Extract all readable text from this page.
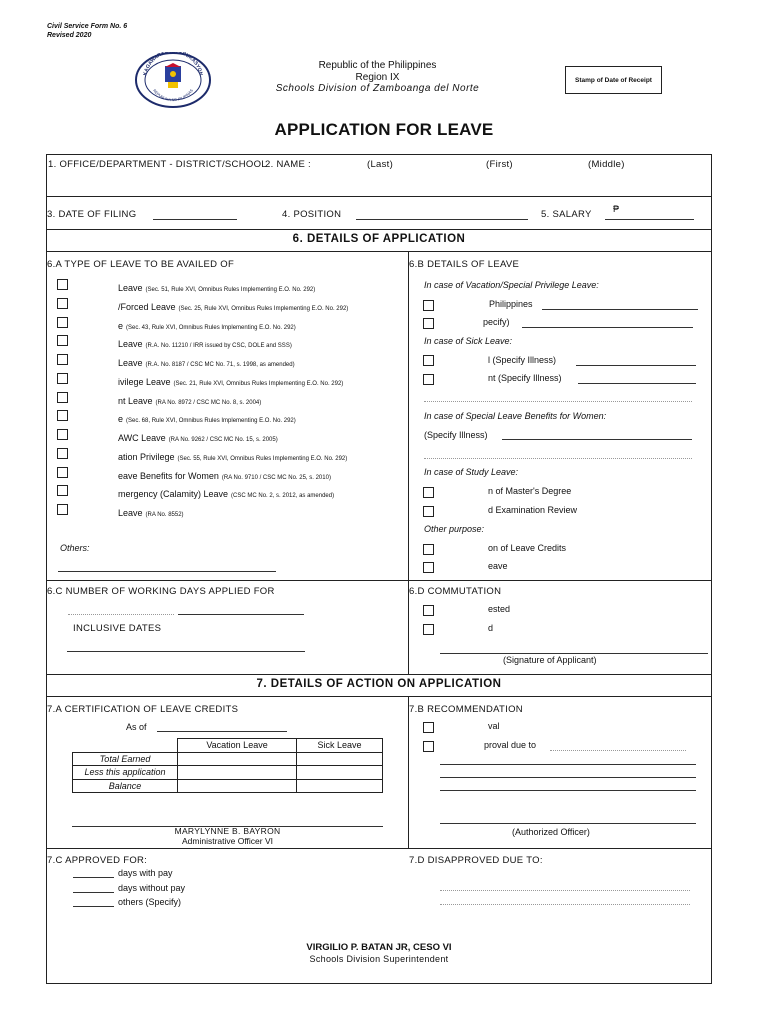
Civil Service Form No. 6
Revised 2020
KAGAWARAN NG EDUKASYON
REPUBLIKA NG PILIPINAS
Republic of the Philippines
Region IX
Schools Division of Zamboanga del Norte
Stamp of Date of Receipt
APPLICATION FOR LEAVE
1. OFFICE/DEPARTMENT - DISTRICT/SCHOOL
2. NAME :	(Last)	(First)	(Middle)
3. DATE OF FILING	4. POSITION	5. SALARY ₱
6. DETAILS OF APPLICATION
6.A TYPE OF LEAVE TO BE AVAILED OF
Leave (Sec. 51, Rule XVI, Omnibus Rules Implementing E.O. No. 292)
/Forced Leave (Sec. 25, Rule XVI, Omnibus Rules Implementing E.O. No. 292)
e (Sec. 43, Rule XVI, Omnibus Rules Implementing E.O. No. 292)
Leave (R.A. No. 11210 / IRR issued by CSC, DOLE and SSS)
Leave (R.A. No. 8187 / CSC MC No. 71, s. 1998, as amended)
ivilege Leave (Sec. 21, Rule XVI, Omnibus Rules Implementing E.O. No. 292)
nt Leave (RA No. 8972 / CSC MC No. 8, s. 2004)
e (Sec. 68, Rule XVI, Omnibus Rules Implementing E.O. No. 292)
AWC Leave (RA No. 9262 / CSC MC No. 15, s. 2005)
ation Privilege (Sec. 55, Rule XVI, Omnibus Rules Implementing E.O. No. 292)
eave Benefits for Women (RA No. 9710 / CSC MC No. 25, s. 2010)
mergency (Calamity) Leave (CSC MC No. 2, s. 2012, as amended)
Leave (RA No. 8552)
Others:
6.B DETAILS OF LEAVE
In case of Vacation/Special Privilege Leave:
Philippines
pecify)
In case of Sick Leave:
l (Specify Illness)
nt (Specify Illness)
In case of Special Leave Benefits for Women:
(Specify Illness)
In case of Study Leave:
n of Master's Degree
d Examination Review
Other purpose:
on of Leave Credits
eave
6.C NUMBER OF WORKING DAYS APPLIED FOR
INCLUSIVE DATES
6.D COMMUTATION
ested
d
(Signature of Applicant)
7. DETAILS OF ACTION ON APPLICATION
7.A CERTIFICATION OF LEAVE CREDITS
As of
	Vacation Leave	Sick Leave
Total Earned		
Less this application		
Balance		
MARYLYNNE B. BAYRON
Administrative Officer VI
7.B RECOMMENDATION
val
proval due to
(Authorized Officer)
7.C APPROVED FOR:
days with pay
days without pay
others (Specify)
7.D DISAPPROVED DUE TO:
VIRGILIO P. BATAN JR, CESO VI
Schools Division Superintendent
